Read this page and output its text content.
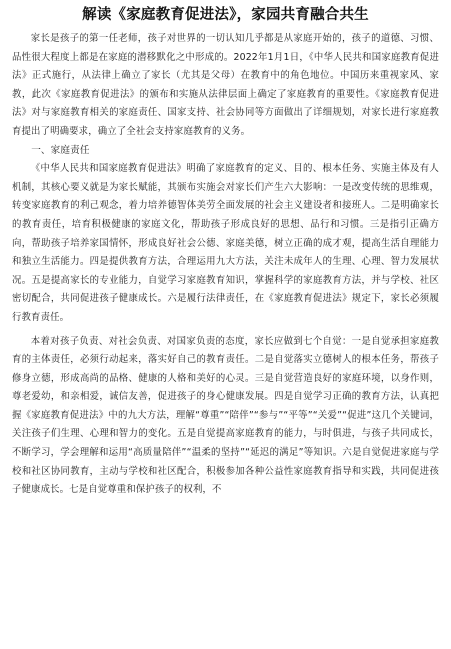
解读《家庭教育促进法》，家园共育融合共生

家长是孩子的第一任老师，孩子对世界的一切认知几乎都是从家庭开始的，孩子的道德、习惯、品性很大程度上都是在家庭的潜移默化之中形成的。2022年1月1日，《中华人民共和国家庭教育促进法》正式施行，从法律上确立了家长（尤其是父母）在教育中的角色地位。中国历来重视家风、家教，此次《家庭教育促进法》的颁布和实施从法律层面上确定了家庭教育的重要性。《家庭教育促进法》对与家庭教育相关的家庭责任、国家支持、社会协同等方面做出了详细规划，对家长进行家庭教育提出了明确要求，确立了全社会支持家庭教育的义务。

一、家庭责任

《中华人民共和国家庭教育促进法》明确了家庭教育的定义、目的、根本任务、实施主体及有人机制，其核心要义就是为家长赋能，其颁布实施会对家长们产生六大影响：一是改变传统的思维观，转变家庭教育的利己观念，着力培养德智体美劳全面发展的社会主义建设者和接班人。二是明确家长的教育责任，培育积极健康的家庭文化，帮助孩子形成良好的思想、品行和习惯。三是指引正确方向，帮助孩子培养家国情怀，形成良好社会公德、家庭美德，树立正确的成才观，提高生活自理能力和独立生活能力。四是提供教育方法，合理运用九大方法，关注未成年人的生理、心理、智力发展状况。五是提高家长的专业能力，自觉学习家庭教育知识，掌握科学的家庭教育方法，并与学校、社区密切配合，共同促进孩子健康成长。六是履行法律责任，在《家庭教育促进法》规定下，家长必须履行教育责任。

本着对孩子负责、对社会负责、对国家负责的态度，家长应做到七个自觉：一是自觉承担家庭教育的主体责任，必须行动起来，落实好自己的教育责任。二是自觉落实立德树人的根本任务，帮孩子修身立德，形成高尚的品格、健康的人格和美好的心灵。三是自觉营造良好的家庭环境，以身作则，尊老爱幼，和亲相爱，诚信友善，促进孩子的身心健康发展。四是自觉学习正确的教育方法，认真把握《家庭教育促进法》中的九大方法，理解“尊重”“陪伴”“参与”“平等”“关爱”“促进”这几个关键词，关注孩子们生理、心理和智力的变化。五是自觉提高家庭教育的能力，与时俱进，与孩子共同成长，不断学习，学会理解和运用“高质量陪伴”“温柔的坚持”“延迟的满足”等知识。六是自觉促进家庭与学校和社区协同教育，主动与学校和社区配合，积极参加各种公益性家庭教育指导和实践，共同促进孩子健康成长。七是自觉尊重和保护孩子的权利，不
